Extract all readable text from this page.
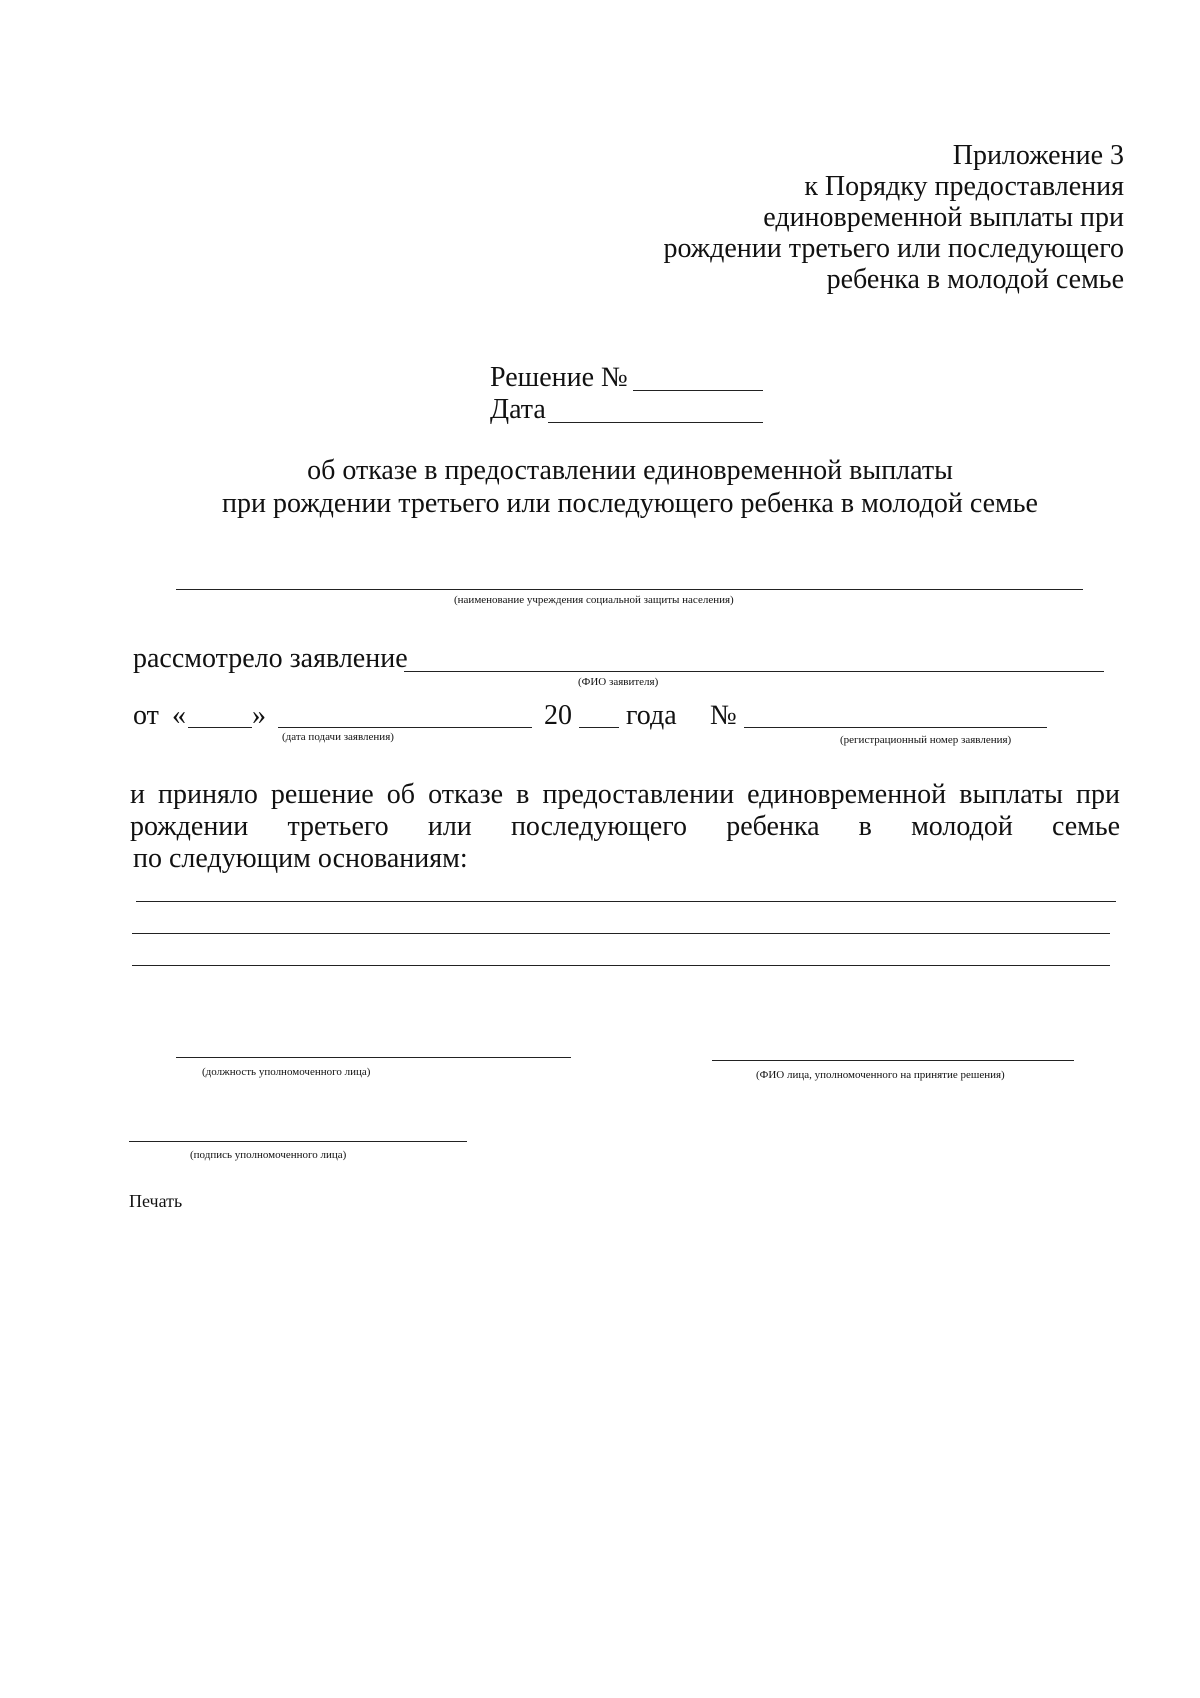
Приложение 3
к Порядку предоставления
единовременной выплаты при
рождении третьего или последующего
ребенка в молодой семье
Решение №
Дата
об отказе в предоставлении единовременной выплаты
при рождении третьего или последующего ребенка в молодой семье
(наименование учреждения социальной защиты населения)
рассмотрело заявление
(ФИО заявителя)
от « »	20 года №
(дата подачи заявления)	(регистрационный номер заявления)
и приняло решение об отказе в предоставлении единовременной выплаты при
рождении третьего или последующего ребенка в молодой семье
по следующим основаниям:
(должность уполномоченного лица)	(ФИО лица, уполномоченного на принятие решения)
(подпись уполномоченного лица)
Печать
